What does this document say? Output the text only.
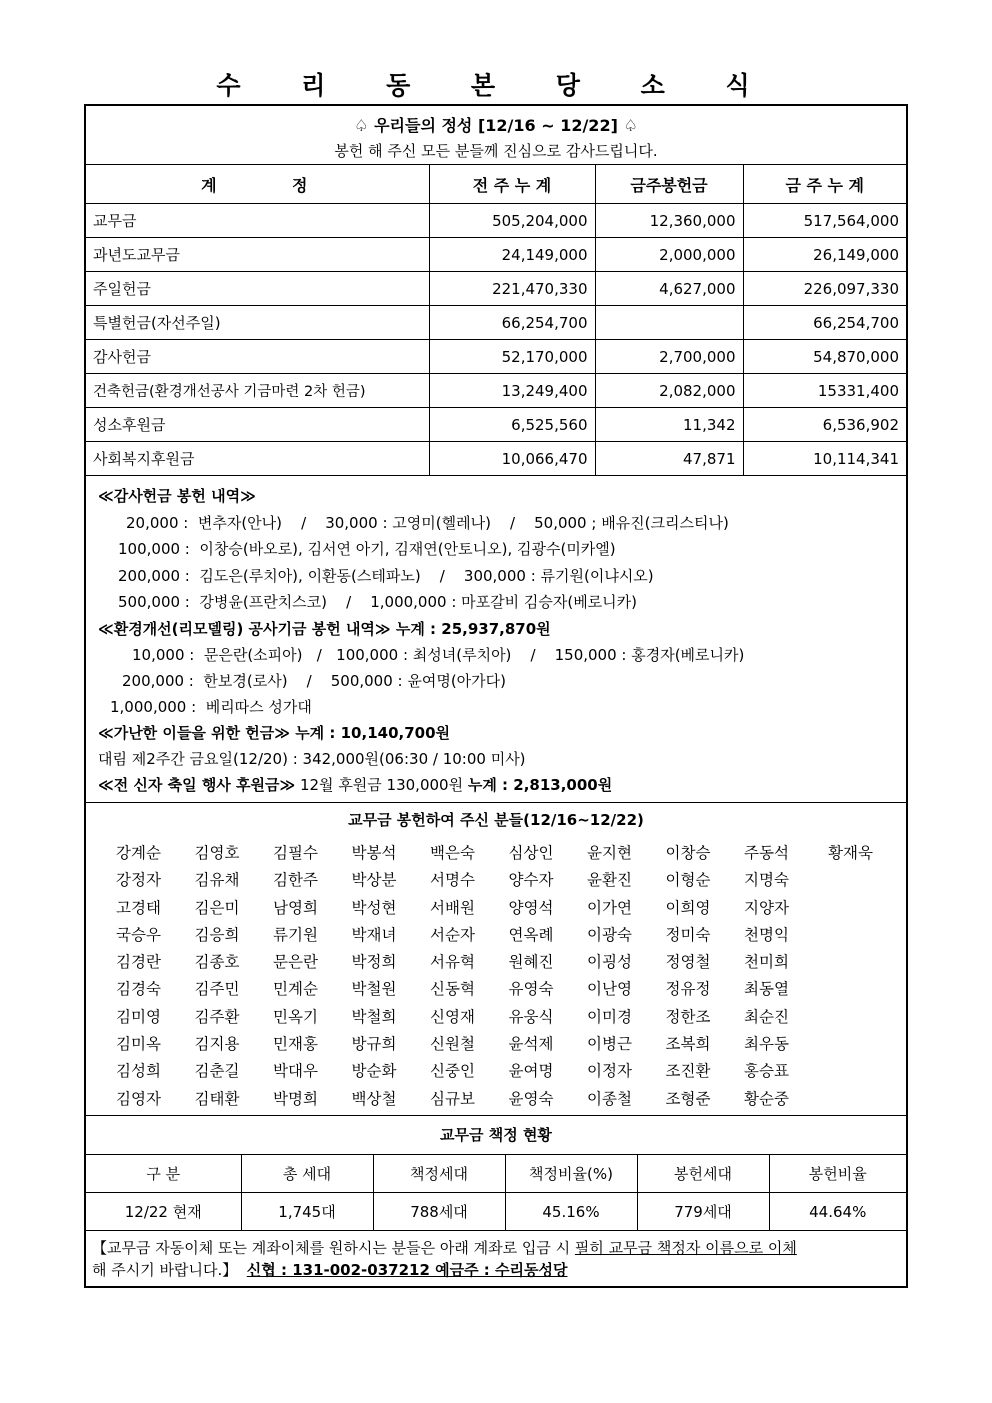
수 리 동 본 당 소 식
♤ 우리들의 정성 [12/16 ~ 12/22] ♤
봉헌 해 주신 모든 분들께 진심으로 감사드립니다.
계      정	전 주 누 계	금주봉헌금	금 주 누 계
교무금	505,204,000	12,360,000	517,564,000
과년도교무금	24,149,000	2,000,000	26,149,000
주일헌금	221,470,330	4,627,000	226,097,330
특별헌금(자선주일)	66,254,700		66,254,700
감사헌금	52,170,000	2,700,000	54,870,000
건축헌금(환경개선공사 기금마련 2차 헌금)	13,249,400	2,082,000	15331,400
성소후원금	6,525,560	11,342	6,536,902
사회복지후원금	10,066,470	47,871	10,114,341
≪감사헌금 봉헌 내역≫
20,000 :  변추자(안나)    /    30,000 : 고영미(헬레나)    /    50,000 ; 배유진(크리스티나)
100,000 :  이창승(바오로), 김서연 아기, 김재연(안토니오), 김광수(미카엘)
200,000 :  김도은(루치아), 이환동(스테파노)    /    300,000 : 류기원(이냐시오)
500,000 :  강병윤(프란치스코)    /    1,000,000 : 마포갈비 김승자(베로니카)
≪환경개선(리모델링) 공사기금 봉헌 내역≫ 누계 : 25,937,870원
10,000 :  문은란(소피아)   /   100,000 : 최성녀(루치아)    /    150,000 : 홍경자(베로니카)
200,000 :  한보경(로사)    /    500,000 : 윤여명(아가다)
1,000,000 :  베리따스 성가대
≪가난한 이들을 위한 헌금≫ 누계 : 10,140,700원
대림 제2주간 금요일(12/20) : 342,000원(06:30 / 10:00 미사)
≪전 신자 축일 행사 후원금≫ 12월 후원금 130,000원 누계 : 2,813,000원
교무금 봉헌하여 주신 분들(12/16~12/22)
강계순 김영호 김필수 박봉석 백은숙 심상인 윤지현 이창승 주동석	황재욱
강정자 김유채 김한주 박상분 서명수 양수자 윤환진 이형순 지명숙
고경태 김은미 남영희 박성현 서배원 양영석 이가연 이희영 지양자
국승우 김응희 류기원 박재녀 서순자 연옥례 이광숙 정미숙 천명익
김경란 김종호 문은란 박정희 서유혁 원혜진 이굉성 정영철 천미희
김경숙 김주민 민계순 박철원 신동혁 유영숙 이난영 정유정 최동열
김미영 김주환 민옥기 박철희 신영재 유웅식 이미경 정한조 최순진
김미옥 김지용 민재홍 방규희 신원철 윤석제 이병근 조복희 최우동
김성희 김춘길 박대우 방순화 신중인 윤여명 이정자 조진환 홍승표
김영자 김태환 박명희 백상철 심규보 윤영숙 이종철 조형준 황순중
교무금 책정 현황
구 분	총 세대	책정세대	책정비율(%)	봉헌세대	봉헌비율
12/22 현재	1,745대	788세대	45.16%	779세대	44.64%
【교무금 자동이체 또는 계좌이체를 원하시는 분들은 아래 계좌로 입금 시 필히 교무금 책정자 이름으로 이체해 주시기 바랍니다.】  신협 : 131-002-037212 예금주 : 수리동성당
